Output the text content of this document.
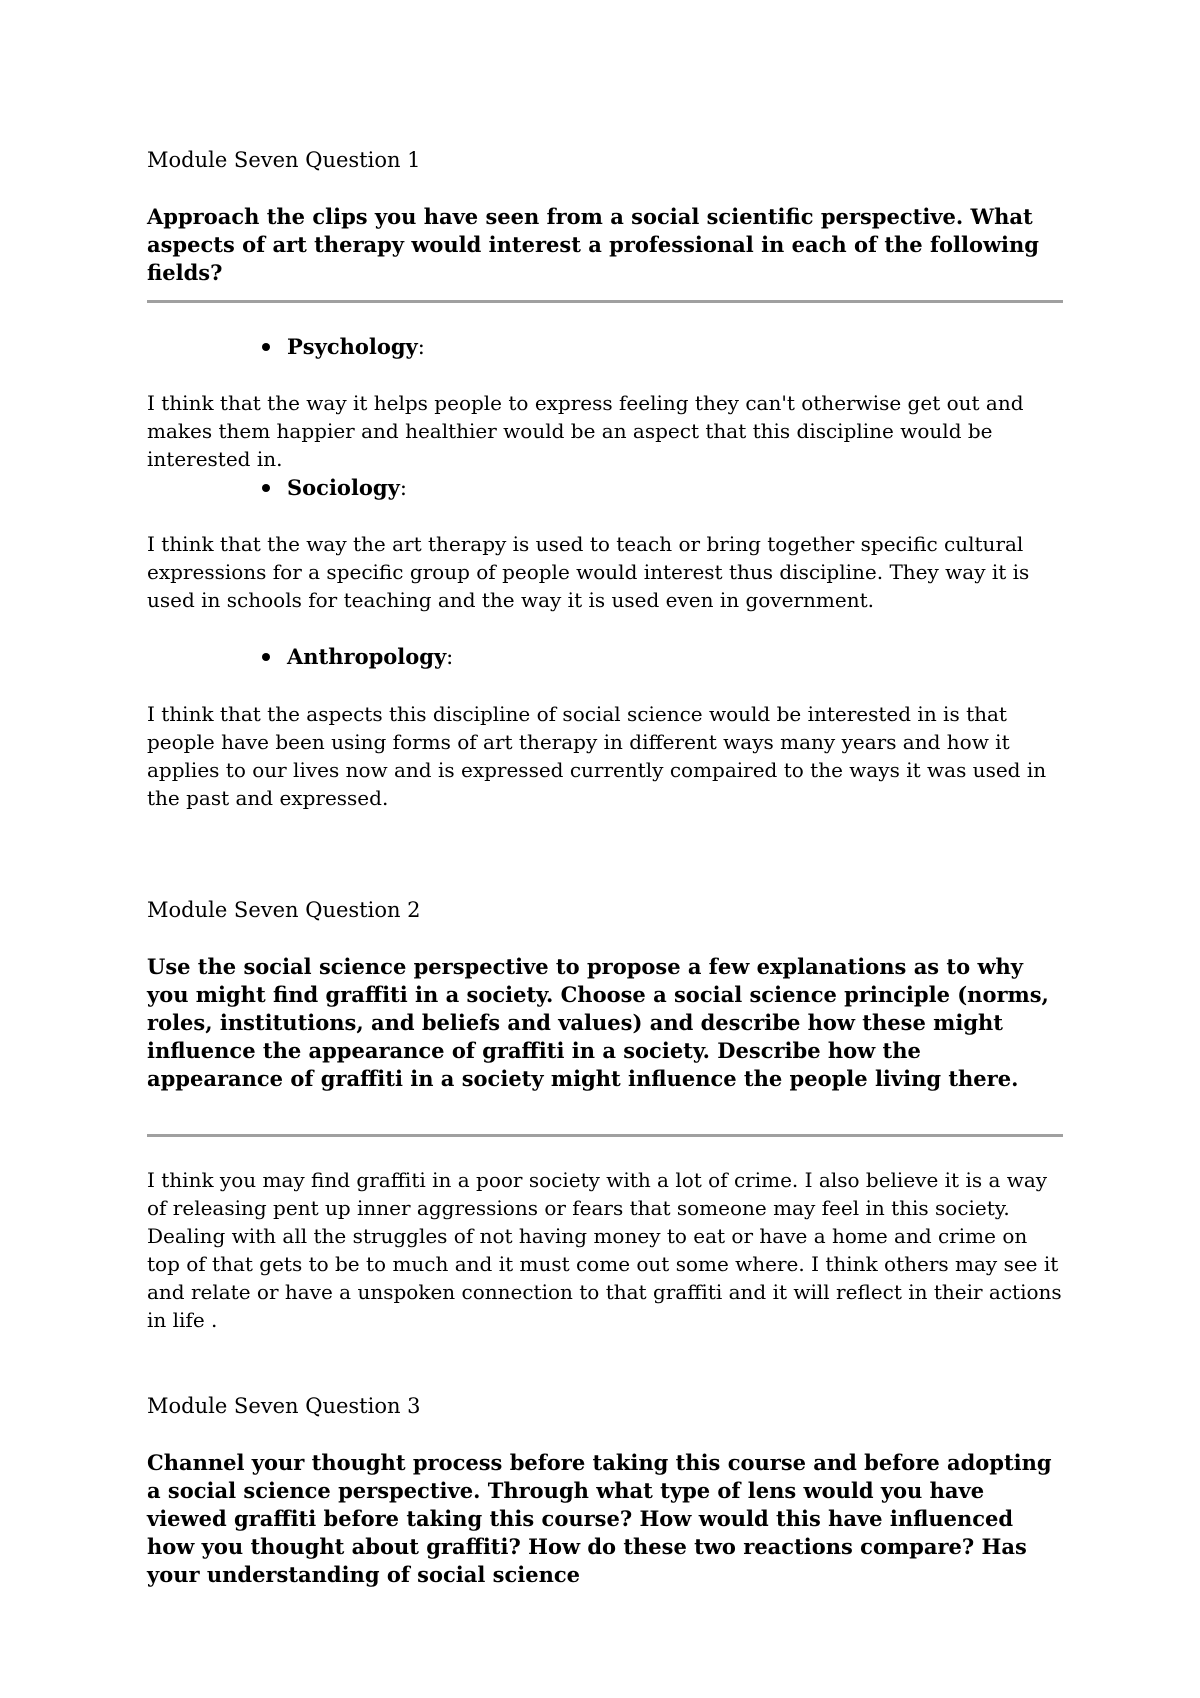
Module Seven Question 1

Approach the clips you have seen from a social scientific perspective. What aspects of art therapy would interest a professional in each of the following fields?

Psychology:

I think that the way it helps people to express feeling they can't otherwise get out and makes them happier and healthier would be an aspect that this discipline would be interested in.

Sociology:

I think that the way the art therapy is used to teach or bring together specific cultural expressions for a specific group of people would interest thus discipline. They way it is used in schools for teaching and the way it is used even in government.

Anthropology:

I think that the aspects this discipline of social science would be interested in is that people have been using forms of art therapy in different ways many years and how it applies to our lives now and is expressed currently compaired to the ways it was used in the past and expressed.

Module Seven Question 2

Use the social science perspective to propose a few explanations as to why you might find graffiti in a society. Choose a social science principle (norms, roles, institutions, and beliefs and values) and describe how these might influence the appearance of graffiti in a society. Describe how the appearance of graffiti in a society might influence the people living there.

I think you may find graffiti in a poor society with a lot of crime. I also believe it is a way of releasing pent up inner aggressions or fears that someone may feel in this society. Dealing with all the struggles of not having money to eat or have a home and crime on top of that gets to be to much and it must come out some where. I think others may see it and relate or have a unspoken connection to that graffiti and it will reflect in their actions in life .

Module Seven Question 3

Channel your thought process before taking this course and before adopting a social science perspective. Through what type of lens would you have viewed graffiti before taking this course? How would this have influenced how you thought about graffiti? How do these two reactions compare? Has your understanding of social science
